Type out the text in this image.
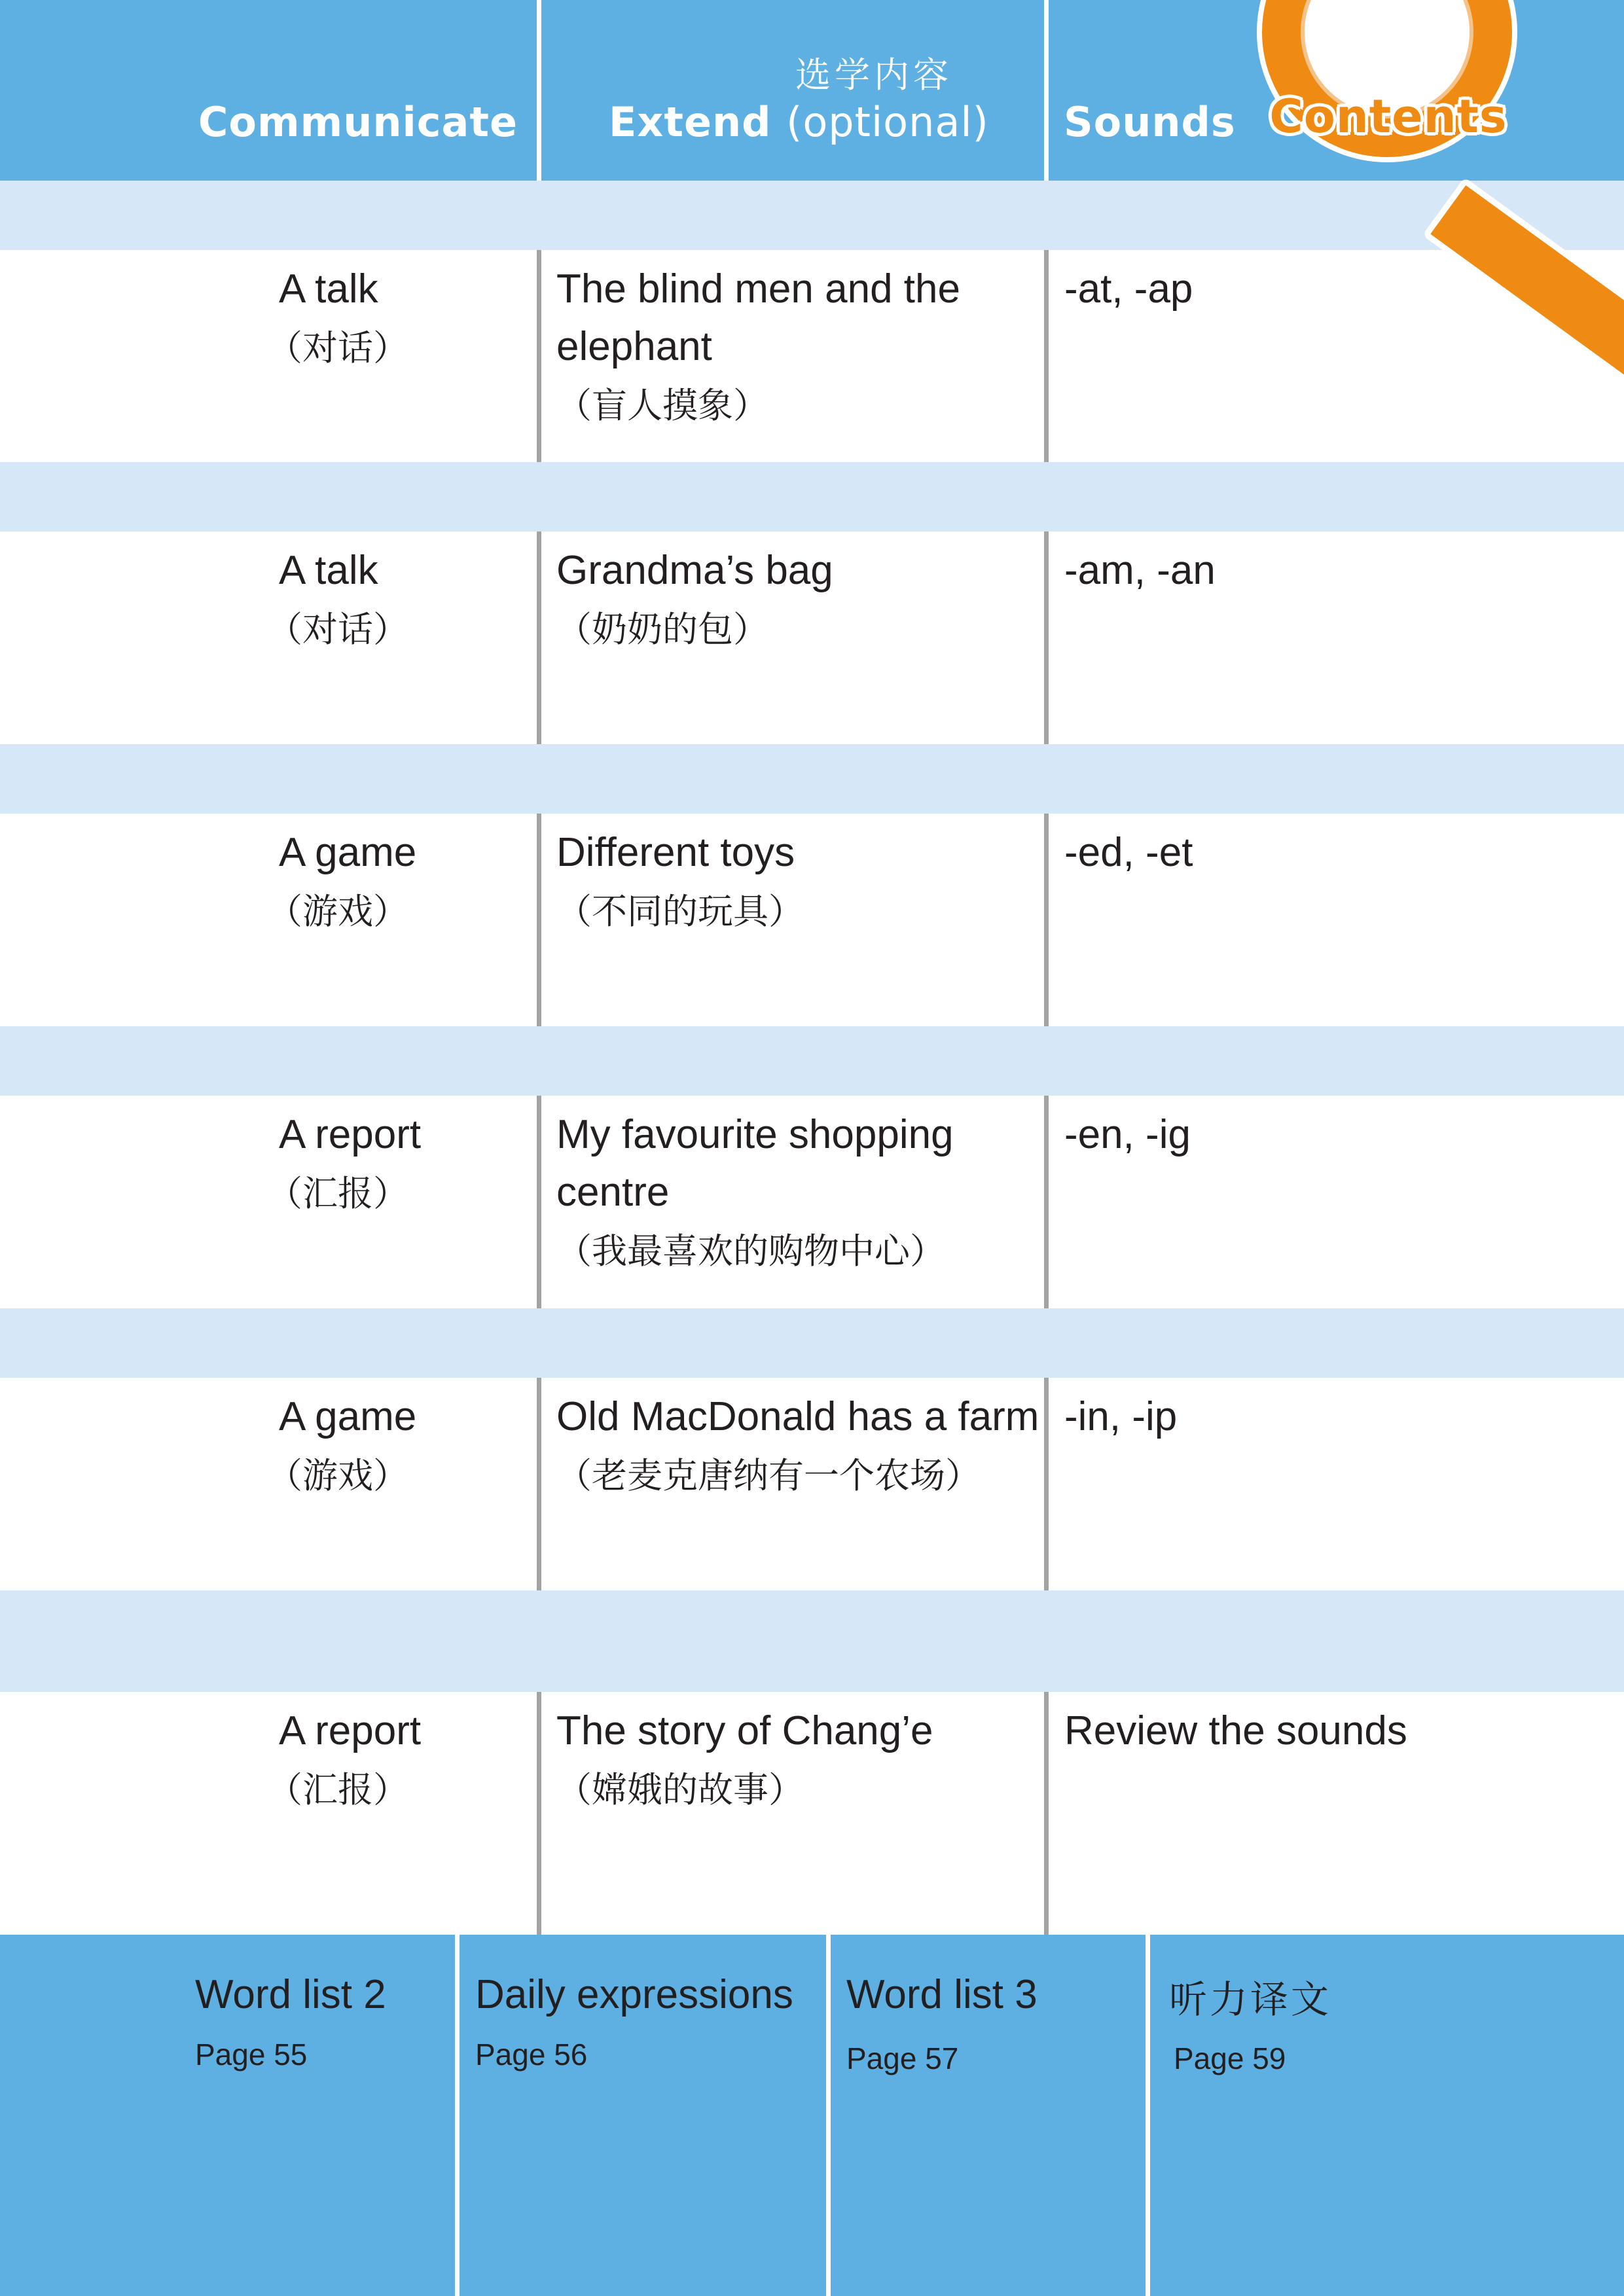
Communicate
选学内容
Extend (optional) Sounds
A talk
（对话）
The blind men and the
elephant
（盲人摸象）
-at, -ap
A talk
（对话）
Grandma’s bag
（奶奶的包）
-am, -an
A game
（游戏）
Different toys
（不同的玩具）
-ed, -et
A report
（汇报）
My favourite shopping
centre
（我最喜欢的购物中心）
-en, -ig
A game
（游戏）
Old MacDonald has a farm
（老麦克唐纳有一个农场）
-in, -ip
A report
（汇报）
The story of Chang’e
（嫦娥的故事）
Review the sounds
Word list 2
Page 55
Daily expressions
Page 56
Word list 3
Page 57
听力译文
Page 59
Contents
